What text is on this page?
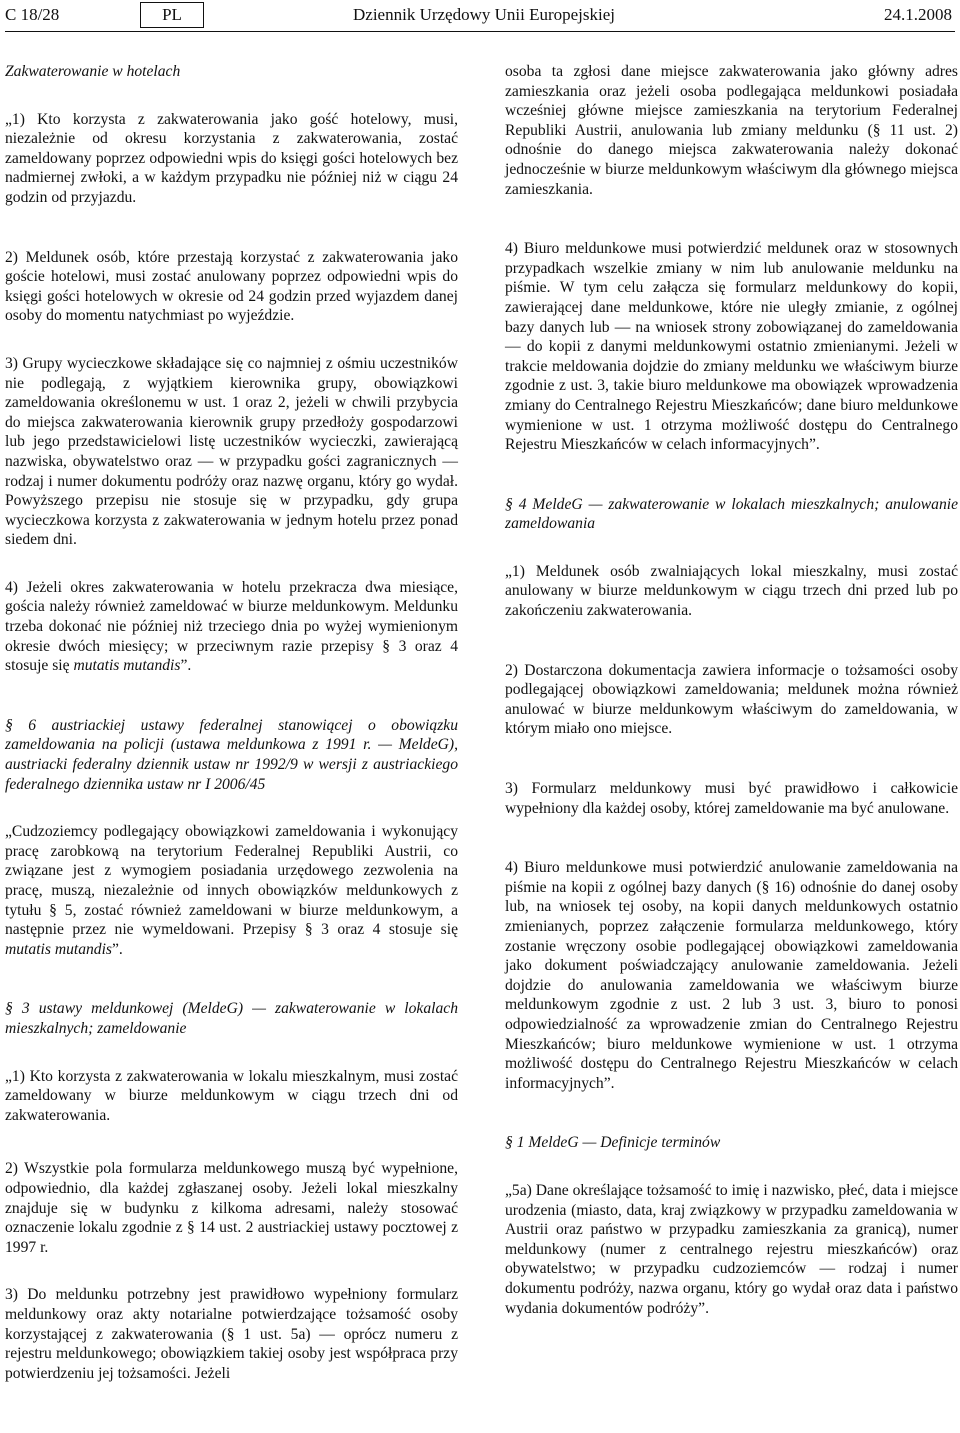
C 18/28	PL	Dziennik Urzędowy Unii Europejskiej	24.1.2008

Zakwaterowanie w hotelach

„1) Kto korzysta z zakwaterowania jako gość hotelowy, musi, niezależnie od okresu korzystania z zakwaterowania, zostać zameldowany poprzez odpowiedni wpis do księgi gości hotelowych bez nadmiernej zwłoki, a w każdym przypadku nie później niż w ciągu 24 godzin od przyjazdu.

2) Meldunek osób, które przestają korzystać z zakwaterowania jako goście hotelowi, musi zostać anulowany poprzez odpowiedni wpis do księgi gości hotelowych w okresie od 24 godzin przed wyjazdem danej osoby do momentu natychmiast po wyjeździe.

3) Grupy wycieczkowe składające się co najmniej z ośmiu uczestników nie podlegają, z wyjątkiem kierownika grupy, obowiązkowi zameldowania określonemu w ust. 1 oraz 2, jeżeli w chwili przybycia do miejsca zakwaterowania kierownik grupy przedłoży gospodarzowi lub jego przedstawicielowi listę uczestników wycieczki, zawierającą nazwiska, obywatelstwo oraz — w przypadku gości zagranicznych — rodzaj i numer dokumentu podróży oraz nazwę organu, który go wydał. Powyższego przepisu nie stosuje się w przypadku, gdy grupa wycieczkowa korzysta z zakwaterowania w jednym hotelu przez ponad siedem dni.

4) Jeżeli okres zakwaterowania w hotelu przekracza dwa miesiące, gościa należy również zameldować w biurze meldunkowym. Meldunku trzeba dokonać nie później niż trzeciego dnia po wyżej wymienionym okresie dwóch miesięcy; w przeciwnym razie przepisy § 3 oraz 4 stosuje się mutatis mutandis”.

§ 6 austriackiej ustawy federalnej stanowiącej o obowiązku zameldowania na policji (ustawa meldunkowa z 1991 r. — MeldeG), austriacki federalny dziennik ustaw nr 1992/9 w wersji z austriackiego federalnego dziennika ustaw nr I 2006/45

„Cudzoziemcy podlegający obowiązkowi zameldowania i wykonujący pracę zarobkową na terytorium Federalnej Republiki Austrii, co związane jest z wymogiem posiadania urzędowego zezwolenia na pracę, muszą, niezależnie od innych obowiązków meldunkowych z tytułu § 5, zostać również zameldowani w biurze meldunkowym, a następnie przez nie wymeldowani. Przepisy § 3 oraz 4 stosuje się mutatis mutandis”.

§ 3 ustawy meldunkowej (MeldeG) — zakwaterowanie w lokalach mieszkalnych; zameldowanie

„1) Kto korzysta z zakwaterowania w lokalu mieszkalnym, musi zostać zameldowany w biurze meldunkowym w ciągu trzech dni od zakwaterowania.

2) Wszystkie pola formularza meldunkowego muszą być wypełnione, odpowiednio, dla każdej zgłaszanej osoby. Jeżeli lokal mieszkalny znajduje się w budynku z kilkoma adresami, należy stosować oznaczenie lokalu zgodnie z § 14 ust. 2 austriackiej ustawy pocztowej z 1997 r.

3) Do meldunku potrzebny jest prawidłowo wypełniony formularz meldunkowy oraz akty notarialne potwierdzające tożsamość osoby korzystającej z zakwaterowania (§ 1 ust. 5a) — oprócz numeru z rejestru meldunkowego; obowiązkiem takiej osoby jest współpraca przy potwierdzeniu jej tożsamości. Jeżeli

osoba ta zgłosi dane miejsce zakwaterowania jako główny adres zamieszkania oraz jeżeli osoba podlegająca meldunkowi posiadała wcześniej główne miejsce zamieszkania na terytorium Federalnej Republiki Austrii, anulowania lub zmiany meldunku (§ 11 ust. 2) odnośnie do danego miejsca zakwaterowania należy dokonać jednocześnie w biurze meldunkowym właściwym dla głównego miejsca zamieszkania.

4) Biuro meldunkowe musi potwierdzić meldunek oraz w stosownych przypadkach wszelkie zmiany w nim lub anulowanie meldunku na piśmie. W tym celu załącza się formularz meldunkowy do kopii, zawierającej dane meldunkowe, które nie uległy zmianie, z ogólnej bazy danych lub — na wniosek strony zobowiązanej do zameldowania — do kopii z danymi meldunkowymi ostatnio zmienianymi. Jeżeli w trakcie meldowania dojdzie do zmiany meldunku we właściwym biurze zgodnie z ust. 3, takie biuro meldunkowe ma obowiązek wprowadzenia zmiany do Centralnego Rejestru Mieszkańców; dane biuro meldunkowe wymienione w ust. 1 otrzyma możliwość dostępu do Centralnego Rejestru Mieszkańców w celach informacyjnych”.

§ 4 MeldeG — zakwaterowanie w lokalach mieszkalnych; anulowanie zameldowania

„1) Meldunek osób zwalniających lokal mieszkalny, musi zostać anulowany w biurze meldunkowym w ciągu trzech dni przed lub po zakończeniu zakwaterowania.

2) Dostarczona dokumentacja zawiera informacje o tożsamości osoby podlegającej obowiązkowi zameldowania; meldunek można również anulować w biurze meldunkowym właściwym do zameldowania, w którym miało ono miejsce.

3) Formularz meldunkowy musi być prawidłowo i całkowicie wypełniony dla każdej osoby, której zameldowanie ma być anulowane.

4) Biuro meldunkowe musi potwierdzić anulowanie zameldowania na piśmie na kopii z ogólnej bazy danych (§ 16) odnośnie do danej osoby lub, na wniosek tej osoby, na kopii danych meldunkowych ostatnio zmienianych, poprzez załączenie formularza meldunkowego, który zostanie wręczony osobie podlegającej obowiązkowi zameldowania jako dokument poświadczający anulowanie zameldowania. Jeżeli dojdzie do anulowania zameldowania we właściwym biurze meldunkowym zgodnie z ust. 2 lub 3 ust. 3, biuro to ponosi odpowiedzialność za wprowadzenie zmian do Centralnego Rejestru Mieszkańców; biuro meldunkowe wymienione w ust. 1 otrzyma możliwość dostępu do Centralnego Rejestru Mieszkańców w celach informacyjnych”.

§ 1 MeldeG — Definicje terminów

„5a) Dane określające tożsamość to imię i nazwisko, płeć, data i miejsce urodzenia (miasto, data, kraj związkowy w przypadku zameldowania w Austrii oraz państwo w przypadku zamieszkania za granicą), numer meldunkowy (numer z centralnego rejestru mieszkańców) oraz obywatelstwo; w przypadku cudzoziemców — rodzaj i numer dokumentu podróży, nazwa organu, który go wydał oraz data i państwo wydania dokumentów podróży”.
